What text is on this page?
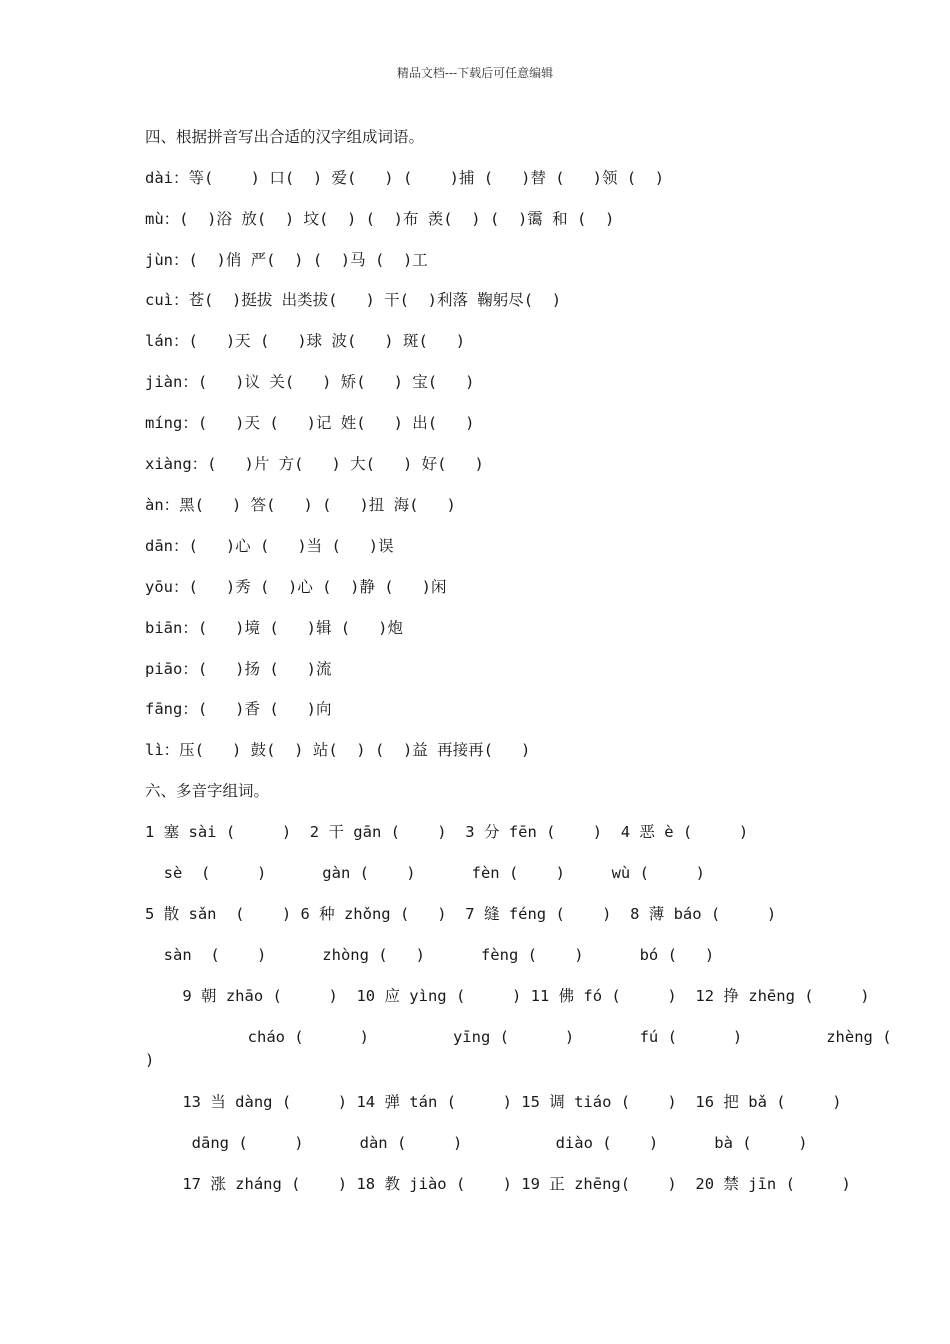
精品文档---下载后可任意编辑
四、根据拼音写出合适的汉字组成词语。
dài：等(    ) 口(  ) 爱(   ) (    )捕 (   )替 (   )领 (  )
mù：(  )浴 放(  ) 坟(  ) (  )布 羡(  ) (  )霭 和 (  )
jùn：(  )俏 严(  ) (  )马 (  )工
cuì：苍(  )挺拔 出类拔(   ) 干(  )利落 鞠躬尽(  )
lán：(   )天 (   )球 波(   ) 斑(   )
jiàn：(   )议 关(   ) 矫(   ) 宝(   )
míng：(   )天 (   )记 姓(   ) 出(   )
xiàng：(   )片 方(   ) 大(   ) 好(   )
àn：黑(   ) 答(   ) (   )扭 海(   )
dān：(   )心 (   )当 (   )误
yōu：(   )秀 (  )心 (  )静 (   )闲
biān：(   )境 (   )辑 (   )炮
piāo：(   )扬 (   )流
fāng：(   )香 (   )向
lì：压(   ) 鼓(  ) 站(  ) (  )益 再接再(   )
六、多音字组词。
1 塞 sài (     )  2 干 gān (    )  3 分 fēn (    )  4 恶 è (     )
sè  (     )      gàn (    )      fèn (    )     wù (     )
5 散 sǎn  (    ) 6 种 zhǒng (   )  7 缝 féng (    )  8 薄 báo (     )
sàn  (    )      zhòng (   )      fèng (    )      bó (   )
9 朝 zhāo (     )  10 应 yìng (     ) 11 佛 fó (     )  12 挣 zhēng (     )
cháo (      )         yīng (      )       fú (      )         zhèng (
)
13 当 dàng (     ) 14 弹 tán (     ) 15 调 tiáo (    )  16 把 bǎ (     )
dāng (     )      dàn (     )          diào (    )      bà (     )
17 涨 zháng (    ) 18 教 jiào (    ) 19 正 zhēng(    )  20 禁 jīn (     )
